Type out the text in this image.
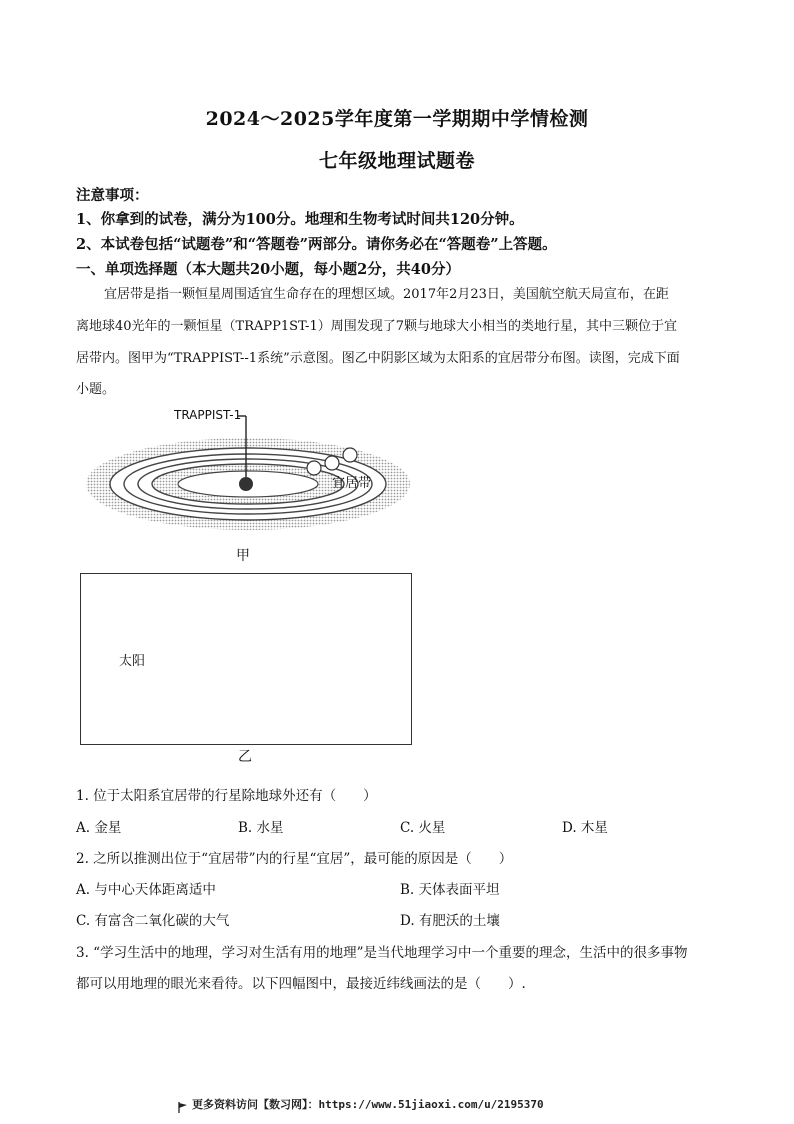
2024～2025学年度第一学期期中学情检测
七年级地理试题卷
注意事项：
1、你拿到的试卷，满分为100分。地理和生物考试时间共120分钟。
2、本试卷包括“试题卷”和“答题卷”两部分。请你务必在“答题卷”上答题。
一、单项选择题（本大题共20小题，每小题2分，共40分）
宜居带是指一颗恒星周围适宜生命存在的理想区域。2017年2月23日，美国航空航天局宣布，在距
离地球40光年的一颗恒星（TRAPP1ST-1）周围发现了7颗与地球大小相当的类地行星，其中三颗位于宜
居带内。图甲为“TRAPPIST--1系统”示意图。图乙中阴影区域为太阳系的宜居带分布图。读图，完成下面
小题。
TRAPPIST-1
宜居带
甲
太阳
宜
居
带
乙
1. 位于太阳系宜居带的行星除地球外还有（　　）
A. 金星	B. 水星	C. 火星	D. 木星
2. 之所以推测出位于“宜居带”内的行星“宜居”，最可能的原因是（　　）
A. 与中心天体距离适中	B. 天体表面平坦
C. 有富含二氧化碳的大气	D. 有肥沃的土壤
3. “学习生活中的地理，学习对生活有用的地理”是当代地理学习中一个重要的理念，生活中的很多事物
都可以用地理的眼光来看待。以下四幅图中，最接近纬线画法的是（　　）.
更多资料访问【数习网】：https://www.51jiaoxi.com/u/2195370
